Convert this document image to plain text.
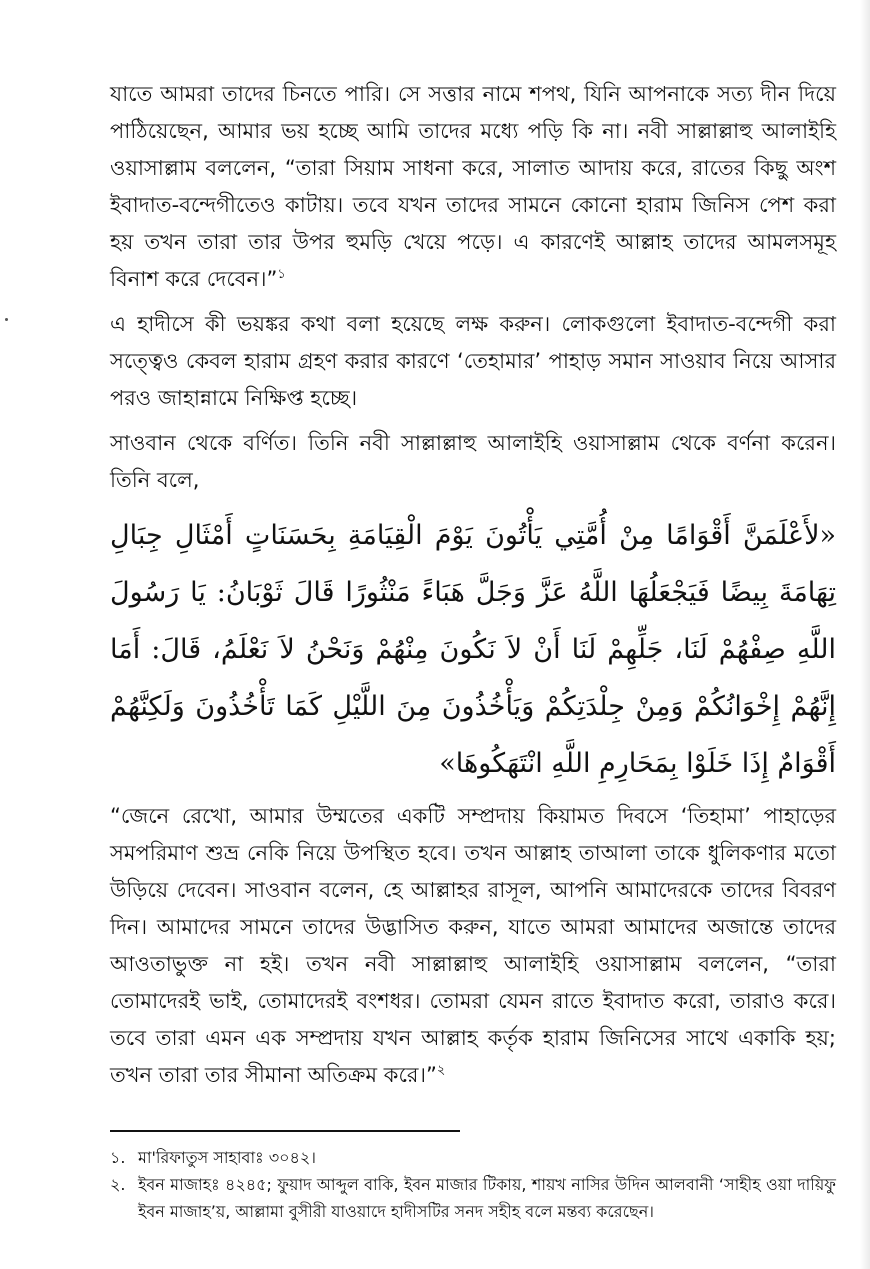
যাতে আমরা তাদের চিনতে পারি। সে সত্তার নামে শপথ, যিনি আপনাকে সত্য দীন দিয়ে পাঠিয়েছেন, আমার ভয় হচ্ছে আমি তাদের মধ্যে পড়ি কি না। নবী সাল্লাল্লাহু আলাইহি ওয়াসাল্লাম বললেন, “তারা সিয়াম সাধনা করে, সালাত আদায় করে, রাতের কিছু অংশ ইবাদাত-বন্দেগীতেও কাটায়। তবে যখন তাদের সামনে কোনো হারাম জিনিস পেশ করা হয় তখন তারা তার উপর হুমড়ি খেয়ে পড়ে। এ কারণেই আল্লাহ তাদের আমলসমূহ বিনাশ করে দেবেন।”$^১$

এ হাদীসে কী ভয়ঙ্কর কথা বলা হয়েছে লক্ষ করুন। লোকগুলো ইবাদাত-বন্দেগী করা সত্ত্বেও কেবল হারাম গ্রহণ করার কারণে ‘তেহামার’ পাহাড় সমান সাওয়াব নিয়ে আসার পরও জাহান্নামে নিক্ষিপ্ত হচ্ছে।

সাওবান থেকে বর্ণিত। তিনি নবী সাল্লাল্লাহু আলাইহি ওয়াসাল্লাম থেকে বর্ণনা করেন। তিনি বলে,

«لأَعْلَمَنَّ أَقْوَامًا مِنْ أُمَّتِي يَأْتُونَ يَوْمَ الْقِيَامَةِ بِحَسَنَاتٍ أَمْثَالِ جِبَالِ تِهَامَةَ بِيضًا فَيَجْعَلُهَا اللَّهُ عَزَّ وَجَلَّ هَبَاءً مَنْثُورًا قَالَ ثَوْبَانُ: يَا رَسُولَ اللَّهِ صِفْهُمْ لَنَا، جَلِّهِمْ لَنَا أَنْ لاَ نَكُونَ مِنْهُمْ وَنَحْنُ لاَ نَعْلَمُ، قَالَ: أَمَا إِنَّهُمْ إِخْوَانُكُمْ وَمِنْ جِلْدَتِكُمْ وَيَأْخُذُونَ مِنَ اللَّيْلِ كَمَا تَأْخُذُونَ وَلَكِنَّهُمْ أَقْوَامٌ إِذَا خَلَوْا بِمَحَارِمِ اللَّهِ انْتَهَكُوهَا»

“জেনে রেখো, আমার উম্মতের একটি সম্প্রদায় কিয়ামত দিবসে ‘তিহামা’ পাহাড়ের সমপরিমাণ শুভ্র নেকি নিয়ে উপস্থিত হবে। তখন আল্লাহ তাআলা তাকে ধুলিকণার মতো উড়িয়ে দেবেন। সাওবান বলেন, হে আল্লাহর রাসূল, আপনি আমাদেরকে তাদের বিবরণ দিন। আমাদের সামনে তাদের উদ্ভাসিত করুন, যাতে আমরা আমাদের অজান্তে তাদের আওতাভুক্ত না হই। তখন নবী সাল্লাল্লাহু আলাইহি ওয়াসাল্লাম বললেন, “তারা তোমাদেরই ভাই, তোমাদেরই বংশধর। তোমরা যেমন রাতে ইবাদাত করো, তারাও করে। তবে তারা এমন এক সম্প্রদায় যখন আল্লাহ কর্তৃক হারাম জিনিসের সাথে একাকি হয়; তখন তারা তার সীমানা অতিক্রম করে।”$^২$

১. মা'রিফাতুস সাহাবাঃ ৩০৪২।
২. ইবন মাজাহঃ ৪২৪৫; ফুয়াদ আব্দুল বাকি, ইবন মাজার টিকায়, শায়খ নাসির উদিন আলবানী ‘সাহীহ ওয়া দায়িফু ইবন মাজাহ’য়, আল্লামা বুসীরী যাওয়াদে হাদীসটির সনদ সহীহ বলে মন্তব্য করেছেন।
